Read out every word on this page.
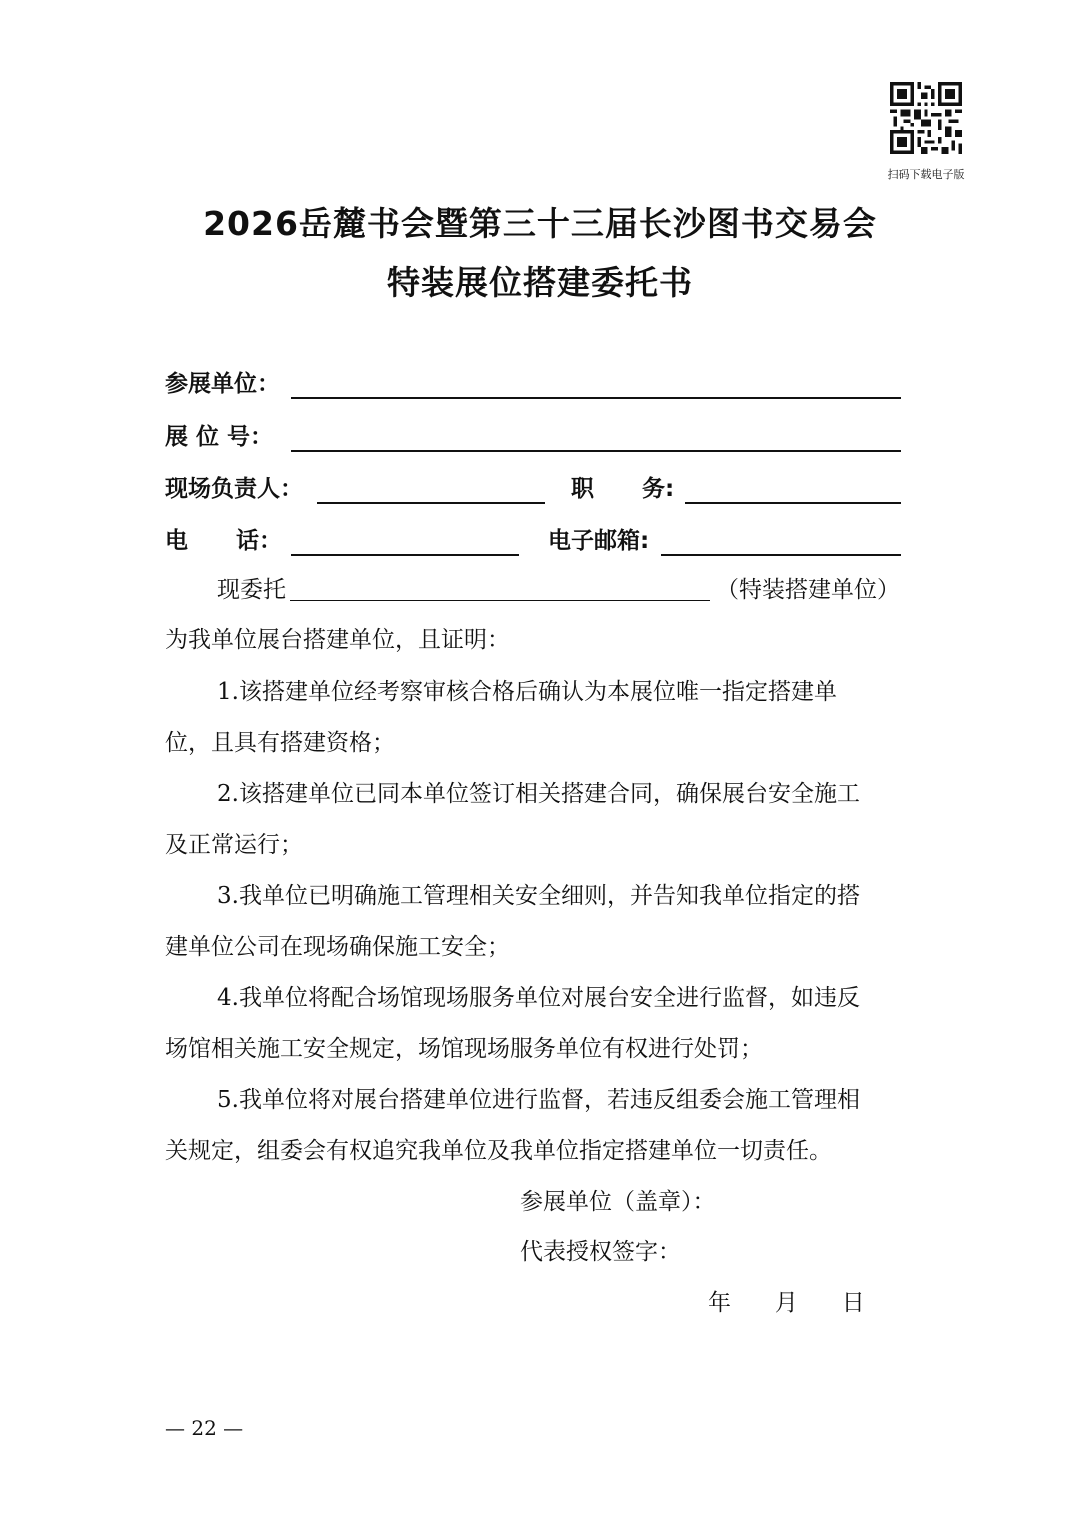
扫码下载电子版
2026岳麓书会暨第三十三届长沙图书交易会
特装展位搭建委托书
参展单位：
展 位 号：
现场负责人：	职      务:
电      话：	电子邮箱:
现委托	（特装搭建单位）
为我单位展台搭建单位，且证明：
1.该搭建单位经考察审核合格后确认为本展位唯一指定搭建单
位，且具有搭建资格；
2.该搭建单位已同本单位签订相关搭建合同，确保展台安全施工
及正常运行；
3.我单位已明确施工管理相关安全细则，并告知我单位指定的搭
建单位公司在现场确保施工安全；
4.我单位将配合场馆现场服务单位对展台安全进行监督，如违反
场馆相关施工安全规定，场馆现场服务单位有权进行处罚；
5.我单位将对展台搭建单位进行监督，若违反组委会施工管理相
关规定，组委会有权追究我单位及我单位指定搭建单位一切责任。
参展单位（盖章）：
代表授权签字：
年      月      日
— 22 —
